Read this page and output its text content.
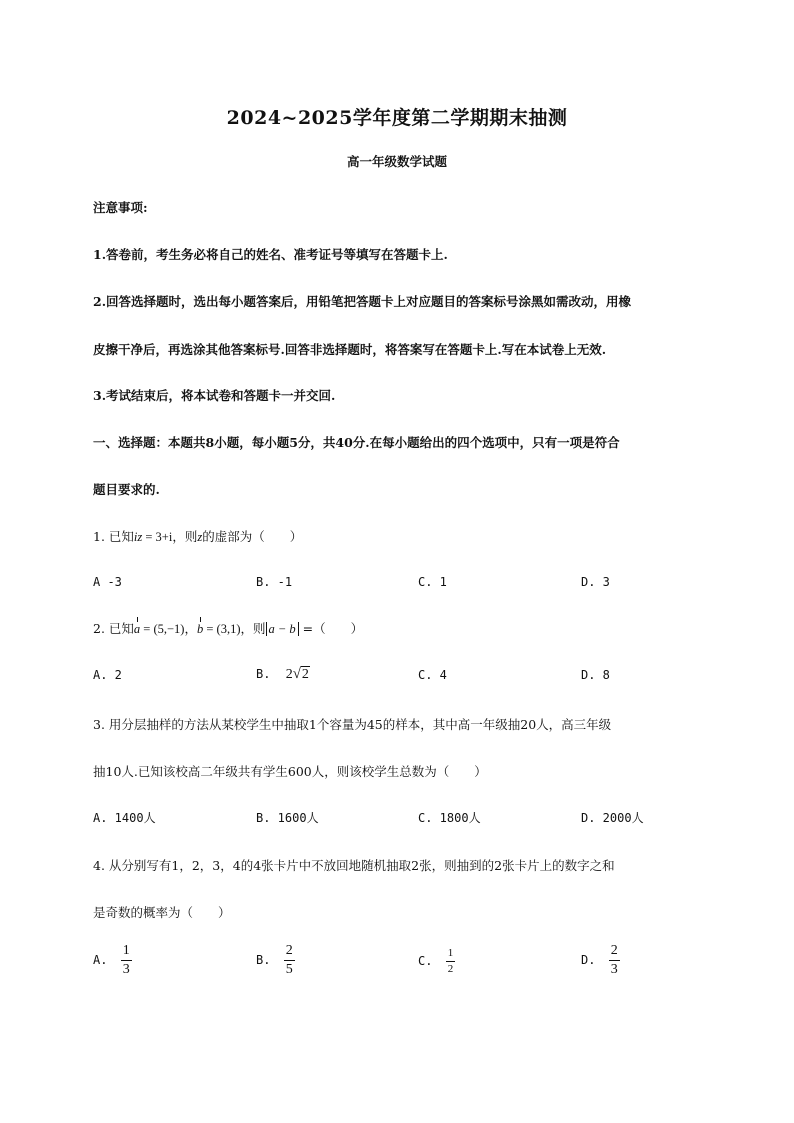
2024~2025学年度第二学期期末抽测
高一年级数学试题
注意事项:
1.答卷前，考生务必将自己的姓名、准考证号等填写在答题卡上.
2.回答选择题时，选出每小题答案后，用铅笔把答题卡上对应题目的答案标号涂黑如需改动，用橡
皮擦干净后，再选涂其他答案标号.回答非选择题时，将答案写在答题卡上.写在本试卷上无效.
3.考试结束后，将本试卷和答题卡一并交回.
一、选择题：本题共8小题，每小题5分，共40分.在每小题给出的四个选项中，只有一项是符合
题目要求的.
1. 已知iz = 3+i，则z的虚部为（　　）
A -3	B. -1	C. 1	D. 3
2. 已知a = (5,−1)，b = (3,1)，则 a − b =（　　）
A. 2	B. 2√2	C. 4	D. 8
3. 用分层抽样的方法从某校学生中抽取1个容量为45的样本，其中高一年级抽20人，高三年级
抽10人.已知该校高二年级共有学生600人，则该校学生总数为（　　）
A. 1400人	B. 1600人	C. 1800人	D. 2000人
4. 从分别写有1，2，3，4的4张卡片中不放回地随机抽取2张，则抽到的2张卡片上的数字之和
是奇数的概率为（　　）
A. $\frac{1}{3}$	B. $\frac{2}{5}$	C. $\frac{1}{2}$	D. $\frac{2}{3}$
